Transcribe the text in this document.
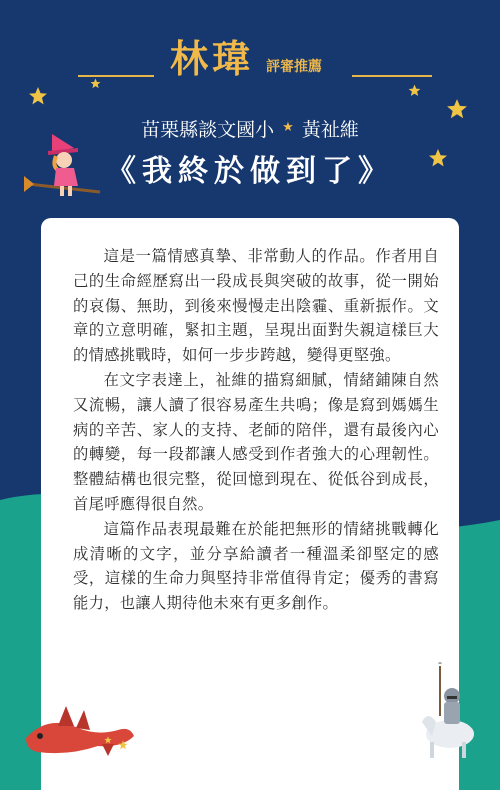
林瑋 評審推薦
苗栗縣談文國小 ★ 黃祉維
《我終於做到了》

這是一篇情感真摯、非常動人的作品。作者用自己的生命經歷寫出一段成長與突破的故事，從一開始的哀傷、無助，到後來慢慢走出陰霾、重新振作。文章的立意明確，緊扣主題，呈現出面對失親這樣巨大的情感挑戰時，如何一步步跨越，變得更堅強。

在文字表達上，祉維的描寫細膩，情緒鋪陳自然又流暢，讓人讀了很容易產生共鳴；像是寫到媽媽生病的辛苦、家人的支持、老師的陪伴，還有最後內心的轉變，每一段都讓人感受到作者強大的心理韌性。整體結構也很完整，從回憶到現在、從低谷到成長，首尾呼應得很自然。

這篇作品表現最難在於能把無形的情緒挑戰轉化成清晰的文字，並分享給讀者一種溫柔卻堅定的感受，這樣的生命力與堅持非常值得肯定；優秀的書寫能力，也讓人期待他未來有更多創作。
